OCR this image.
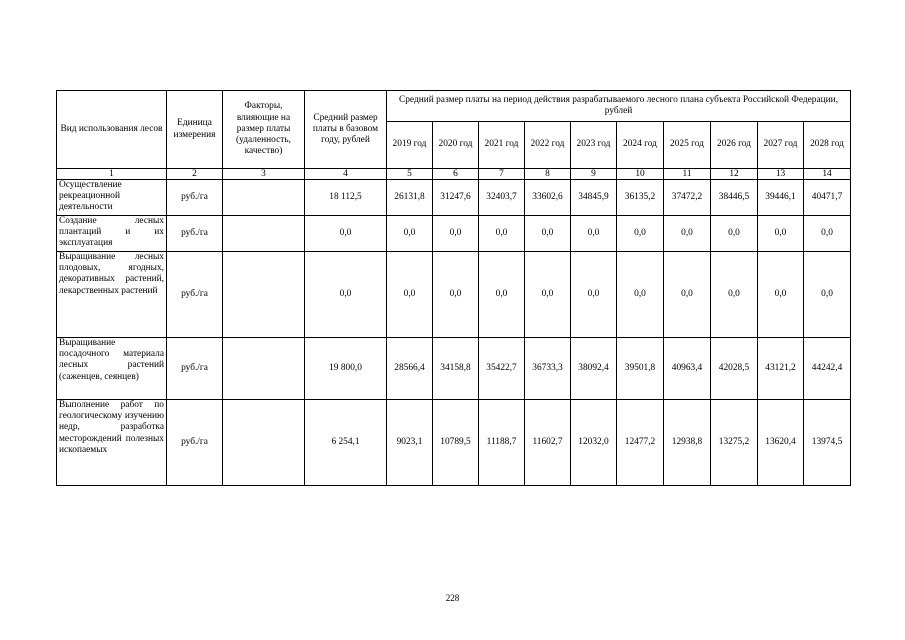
Вид использования лесов	Единица измерения	Факторы, влияющие на размер платы (удаленность, качество)	Средний размер платы в базовом году, рублей	Средний размер платы на период действия разрабатываемого лесного плана субъекта Российской Федерации, рублей									
				2019 год	2020 год	2021 год	2022 год	2023 год	2024 год	2025 год	2026 год	2027 год	2028 год
1	2	3	4	5	6	7	8	9	10	11	12	13	14
Осуществление рекреационной деятельности	руб./га		18 112,5	26131,8	31247,6	32403,7	33602,6	34845,9	36135,2	37472,2	38446,5	39446,1	40471,7
Создание лесных плантаций и их эксплуатация	руб./га		0,0	0,0	0,0	0,0	0,0	0,0	0,0	0,0	0,0	0,0	0,0
Выращивание лесных плодовых, ягодных, декоративных растений, лекарственных растений	руб./га		0,0	0,0	0,0	0,0	0,0	0,0	0,0	0,0	0,0	0,0	0,0
Выращивание посадочного материала лесных растений (саженцев, сеянцев)	руб./га		19 800,0	28566,4	34158,8	35422,7	36733,3	38092,4	39501,8	40963,4	42028,5	43121,2	44242,4
Выполнение работ по геологическому изучению недр, разработка месторождений полезных ископаемых	руб./га		6 254,1	9023,1	10789,5	11188,7	11602,7	12032,0	12477,2	12938,8	13275,2	13620,4	13974,5
228
